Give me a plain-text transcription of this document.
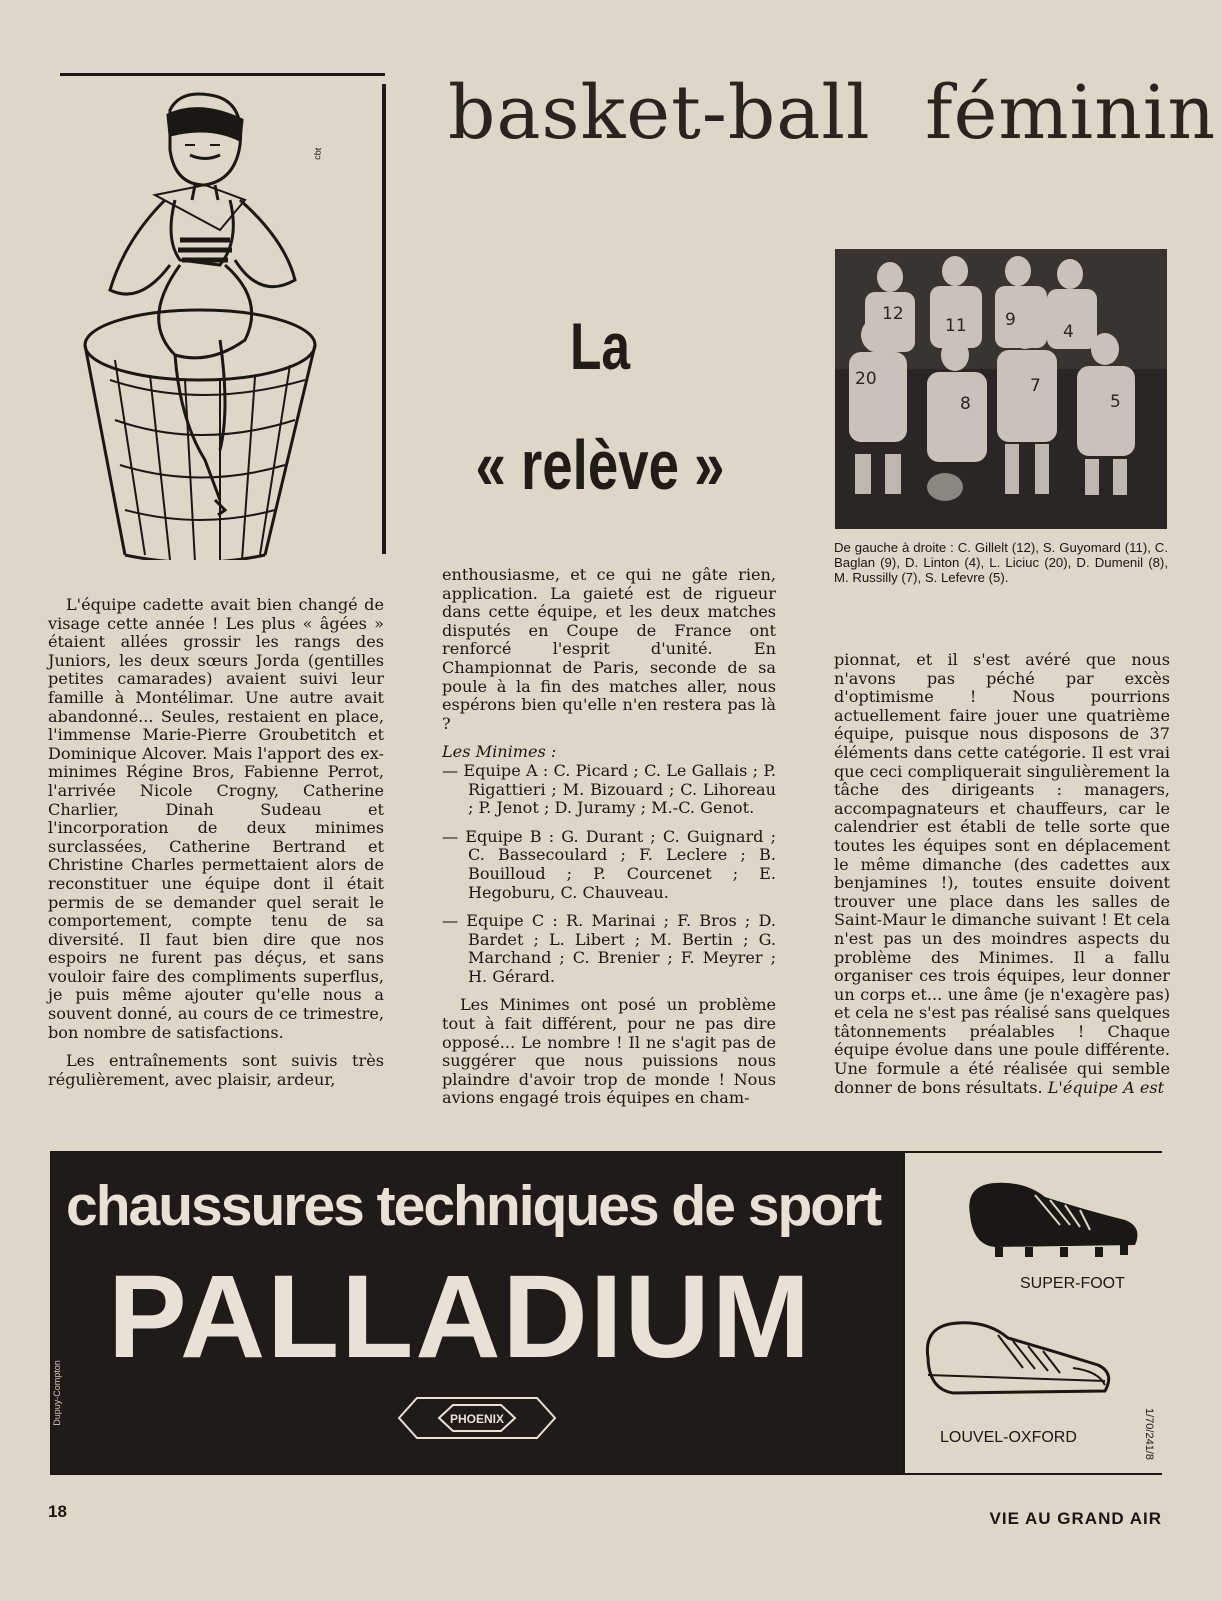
basket-ball féminin
cbt
La
« relève »
12
11 9
4
20
8
7
5
De gauche à droite : C. Gillelt (12), S. Guyomard (11), C. Baglan (9), D. Linton (4), L. Liciuc (20), D. Dumenil (8), M. Russilly (7), S. Lefevre (5).

L'équipe cadette avait bien changé de visage cette année ! Les plus « âgées » étaient allées grossir les rangs des Juniors, les deux sœurs Jorda (gentilles petites camarades) avaient suivi leur famille à Montélimar. Une autre avait abandonné... Seules, restaient en place, l'immense Marie-Pierre Groubetitch et Dominique Alcover. Mais l'apport des ex-minimes Régine Bros, Fabienne Perrot, l'arrivée Nicole Crogny, Catherine Charlier, Dinah Sudeau et l'incorporation de deux minimes surclassées, Catherine Bertrand et Christine Charles permettaient alors de reconstituer une équipe dont il était permis de se demander quel serait le comportement, compte tenu de sa diversité. Il faut bien dire que nos espoirs ne furent pas déçus, et sans vouloir faire des compliments superflus, je puis même ajouter qu'elle nous a souvent donné, au cours de ce trimestre, bon nombre de satisfactions.

Les entraînements sont suivis très régulièrement, avec plaisir, ardeur,

enthousiasme, et ce qui ne gâte rien, application. La gaieté est de rigueur dans cette équipe, et les deux matches disputés en Coupe de France ont renforcé l'esprit d'unité. En Championnat de Paris, seconde de sa poule à la fin des matches aller, nous espérons bien qu'elle n'en restera pas là ?

Les Minimes :

— Equipe A : C. Picard ; C. Le Gallais ; P. Rigattieri ; M. Bizouard ; C. Lihoreau ; P. Jenot ; D. Juramy ; M.-C. Genot.

— Equipe B : G. Durant ; C. Guignard ; C. Bassecoulard ; F. Leclere ; B. Bouilloud ; P. Courcenet ; E. Hegoburu, C. Chauveau.

— Equipe C : R. Marinai ; F. Bros ; D. Bardet ; L. Libert ; M. Bertin ; G. Marchand ; C. Brenier ; F. Meyrer ; H. Gérard.

Les Minimes ont posé un problème tout à fait différent, pour ne pas dire opposé... Le nombre ! Il ne s'agit pas de suggérer que nous puissions nous plaindre d'avoir trop de monde ! Nous avions engagé trois équipes en cham-

pionnat, et il s'est avéré que nous n'avons pas péché par excès d'optimisme ! Nous pourrions actuellement faire jouer une quatrième équipe, puisque nous disposons de 37 éléments dans cette catégorie. Il est vrai que ceci compliquerait singulièrement la tâche des dirigeants : managers, accompagnateurs et chauffeurs, car le calendrier est établi de telle sorte que toutes les équipes sont en déplacement le même dimanche (des cadettes aux benjamines !), toutes ensuite doivent trouver une place dans les salles de Saint-Maur le dimanche suivant ! Et cela n'est pas un des moindres aspects du problème des Minimes. Il a fallu organiser ces trois équipes, leur donner un corps et... une âme (je n'exagère pas) et cela ne s'est pas réalisé sans quelques tâtonnements préalables ! Chaque équipe évolue dans une poule différente. Une formule a été réalisée qui semble donner de bons résultats. L'équipe A est

chaussures techniques de sport
PALLADIUM
PHOENIX
Dupuy-Compton
SUPER-FOOT
LOUVEL-OXFORD	1/70/241/8
18	VIE AU GRAND AIR
